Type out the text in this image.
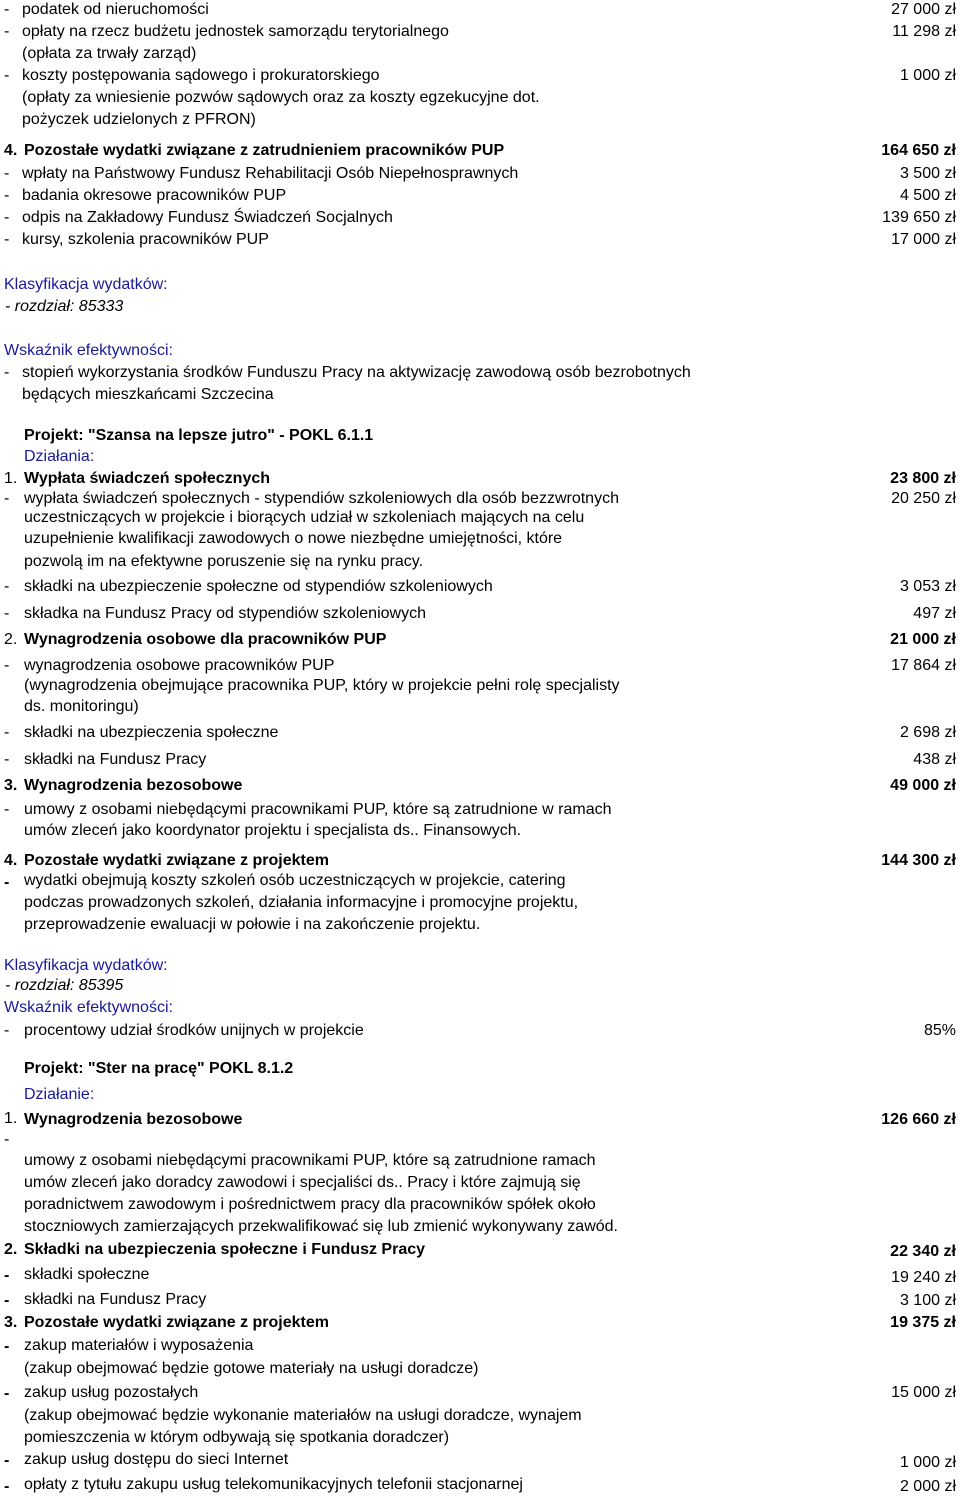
- podatek od nieruchomości	27 000 zł
- opłaty na rzecz budżetu jednostek samorządu terytorialnego	11 298 zł
(opłata za trwały zarząd)
- koszty postępowania sądowego i prokuratorskiego	1 000 zł
(opłaty za wniesienie pozwów sądowych oraz za koszty egzekucyjne dot.
pożyczek udzielonych z PFRON)
4. Pozostałe wydatki związane z zatrudnieniem pracowników PUP	164 650 zł
- wpłaty na Państwowy Fundusz Rehabilitacji Osób Niepełnosprawnych	3 500 zł
- badania okresowe pracowników PUP	4 500 zł
- odpis na Zakładowy Fundusz Świadczeń Socjalnych	139 650 zł
- kursy, szkolenia pracowników PUP	17 000 zł
Klasyfikacja wydatków:
- rozdział: 85333
Wskaźnik efektywności:
- stopień wykorzystania środków Funduszu Pracy na aktywizację zawodową osób bezrobotnych
będących mieszkańcami Szczecina
Projekt: "Szansa na lepsze jutro" - POKL 6.1.1
Działania:
1. Wypłata świadczeń społecznych	23 800 zł
- wypłata świadczeń społecznych - stypendiów szkoleniowych dla osób bezzwrotnych	20 250 zł
uczestniczących w projekcie i biorących udział w szkoleniach mających na celu
uzupełnienie kwalifikacji zawodowych o nowe niezbędne umiejętności, które
pozwolą im na efektywne poruszenie się na rynku pracy.
- składki na ubezpieczenie społeczne od stypendiów szkoleniowych	3 053 zł
- składka na Fundusz Pracy od stypendiów szkoleniowych	497 zł
2. Wynagrodzenia osobowe dla pracowników PUP	21 000 zł
- wynagrodzenia osobowe pracowników PUP	17 864 zł
(wynagrodzenia obejmujące pracownika PUP, który w projekcie pełni rolę specjalisty
ds. monitoringu)
- składki na ubezpieczenia społeczne	2 698 zł
- składki na Fundusz Pracy	438 zł
3. Wynagrodzenia bezosobowe	49 000 zł
- umowy z osobami niebędącymi pracownikami PUP, które są zatrudnione w ramach
umów zleceń jako koordynator projektu i specjalista ds.. Finansowych.
4. Pozostałe wydatki związane z projektem	144 300 zł
- wydatki obejmują koszty szkoleń osób uczestniczących w projekcie, catering
podczas prowadzonych szkoleń, działania informacyjne i promocyjne projektu,
przeprowadzenie ewaluacji w połowie i na zakończenie projektu.
Klasyfikacja wydatków:
- rozdział: 85395
Wskaźnik efektywności:
- procentowy udział środków unijnych w projekcie	85%
Projekt: "Ster na pracę" POKL 8.1.2
Działanie:
1. Wynagrodzenia bezosobowe	126 660 zł
-
umowy z osobami niebędącymi pracownikami PUP, które są zatrudnione ramach
umów zleceń jako doradcy zawodowi i specjaliści ds.. Pracy i które zajmują się
poradnictwem zawodowym i pośrednictwem pracy dla pracowników spółek około
stoczniowych zamierzających przekwalifikować się lub zmienić wykonywany zawód.
2. Składki na ubezpieczenia społeczne i Fundusz Pracy	22 340 zł
- składki społeczne	19 240 zł
- składki na Fundusz Pracy	3 100 zł
3. Pozostałe wydatki związane z projektem	19 375 zł
- zakup materiałów i wyposażenia
(zakup obejmować będzie gotowe materiały na usługi doradcze)
- zakup usług pozostałych	15 000 zł
(zakup obejmować będzie wykonanie materiałów na usługi doradcze, wynajem
pomieszczenia w którym odbywają się spotkania doradczer)
- zakup usług dostępu do sieci Internet	1 000 zł
- opłaty z tytułu zakupu usług telekomunikacyjnych telefonii stacjonarnej	2 000 zł
